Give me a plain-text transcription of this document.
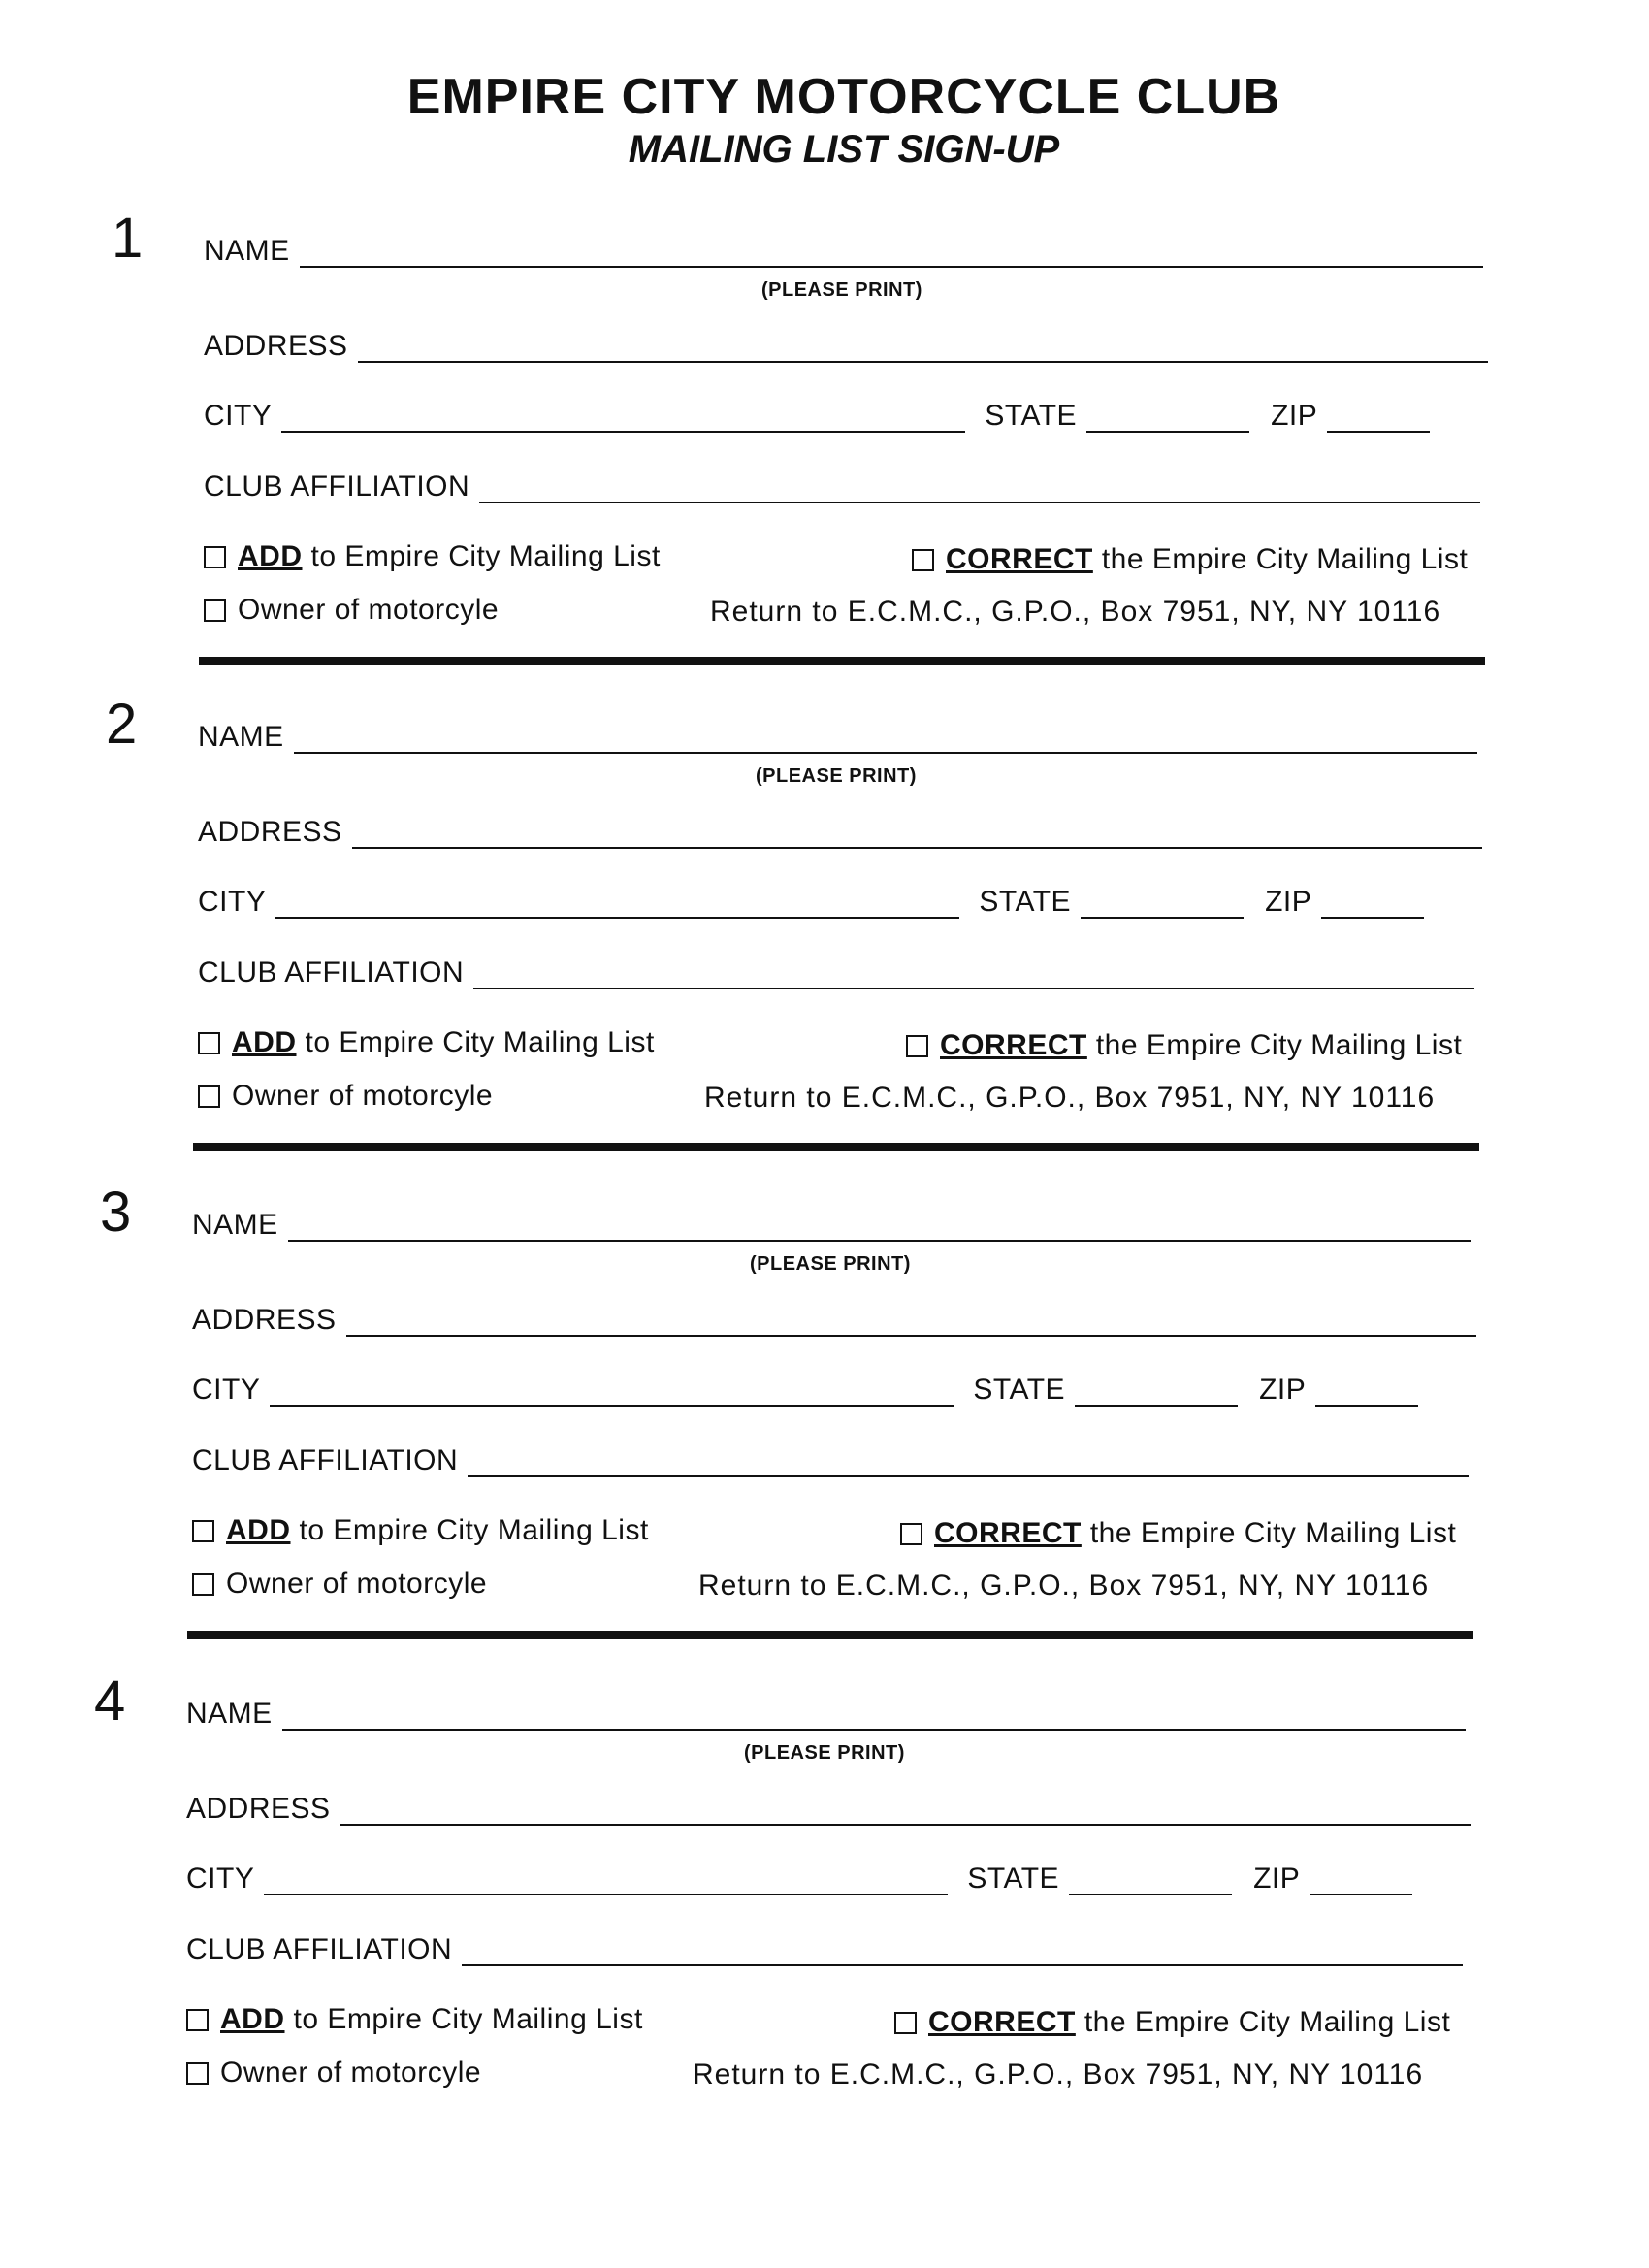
EMPIRE CITY MOTORCYCLE CLUB
MAILING LIST SIGN-UP
1 NAME
(PLEASE PRINT)
ADDRESS
CITY	STATE	ZIP
CLUB AFFILIATION
ADD to Empire City Mailing List	CORRECT the Empire City Mailing List
Owner of motorcyle	Return to E.C.M.C., G.P.O., Box 7951, NY, NY 10116
2 NAME
(PLEASE PRINT)
ADDRESS
CITY	STATE	ZIP
CLUB AFFILIATION
ADD to Empire City Mailing List	CORRECT the Empire City Mailing List
Owner of motorcyle	Return to E.C.M.C., G.P.O., Box 7951, NY, NY 10116
3 NAME
(PLEASE PRINT)
ADDRESS
CITY	STATE	ZIP
CLUB AFFILIATION
ADD to Empire City Mailing List	CORRECT the Empire City Mailing List
Owner of motorcyle	Return to E.C.M.C., G.P.O., Box 7951, NY, NY 10116
4 NAME
(PLEASE PRINT)
ADDRESS
CITY	STATE	ZIP
CLUB AFFILIATION
ADD to Empire City Mailing List	CORRECT the Empire City Mailing List
Owner of motorcyle	Return to E.C.M.C., G.P.O., Box 7951, NY, NY 10116
